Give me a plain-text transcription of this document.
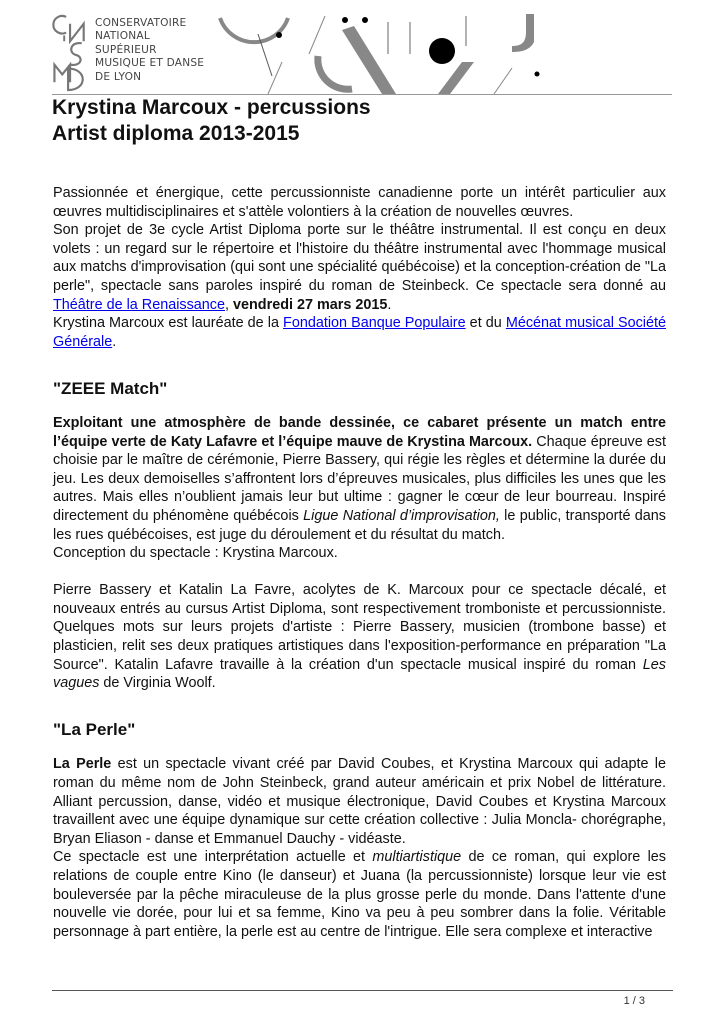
CONSERVATOIRE
NATIONAL
SUPÉRIEUR
MUSIQUE ET DANSE
DE LYON
Krystina Marcoux - percussions
Artist diploma 2013-2015

Passionnée et énergique, cette percussionniste canadienne porte un intérêt particulier aux œuvres multidisciplinaires et s'attèle volontiers à la création de nouvelles œuvres.

Son projet de 3e cycle Artist Diploma porte sur le théâtre instrumental. Il est conçu en deux volets : un regard sur le répertoire et l'histoire du théâtre instrumental avec l'hommage musical aux matchs d'improvisation (qui sont une spécialité québécoise) et la conception-création de "La perle", spectacle sans paroles inspiré du roman de Steinbeck. Ce spectacle sera donné au Théâtre de la Renaissance, vendredi 27 mars 2015.

Krystina Marcoux est lauréate de la Fondation Banque Populaire et du Mécénat musical Société Générale.

"ZEEE Match"

Exploitant une atmosphère de bande dessinée, ce cabaret présente un match entre l’équipe verte de Katy Lafavre et l’équipe mauve de Krystina Marcoux. Chaque épreuve est choisie par le maître de cérémonie, Pierre Bassery, qui régie les règles et détermine la durée du jeu. Les deux demoiselles s’affrontent lors d’épreuves musicales, plus difficiles les unes que les autres. Mais elles n’oublient jamais leur but ultime : gagner le cœur de leur bourreau. Inspiré directement du phénomène québécois Ligue National d’improvisation, le public, transporté dans les rues québécoises, est juge du déroulement et du résultat du match.

Conception du spectacle : Krystina Marcoux.

Pierre Bassery et Katalin La Favre, acolytes de K. Marcoux pour ce spectacle décalé, et nouveaux entrés au cursus Artist Diploma, sont respectivement tromboniste et percussionniste. Quelques mots sur leurs projets d'artiste : Pierre Bassery, musicien (trombone basse) et plasticien, relit ses deux pratiques artistiques dans l'exposition-performance en préparation "La Source". Katalin Lafavre travaille à la création d'un spectacle musical inspiré du roman Les vagues de Virginia Woolf.

"La Perle"

La Perle est un spectacle vivant créé par David Coubes, et Krystina Marcoux qui adapte le roman du même nom de John Steinbeck, grand auteur américain et prix Nobel de littérature. Alliant percussion, danse, vidéo et musique électronique, David Coubes et Krystina Marcoux travaillent avec une équipe dynamique sur cette création collective : Julia Moncla- chorégraphe, Bryan Eliason - danse et Emmanuel Dauchy - vidéaste.

Ce spectacle est une interprétation actuelle et multiartistique de ce roman, qui explore les relations de couple entre Kino (le danseur) et Juana (la percussionniste) lorsque leur vie est bouleversée par la pêche miraculeuse de la plus grosse perle du monde. Dans l'attente d'une nouvelle vie dorée, pour lui et sa femme, Kino va peu à peu sombrer dans la folie. Véritable personnage à part entière, la perle est au centre de l'intrigue. Elle sera complexe et interactive

1 / 3
